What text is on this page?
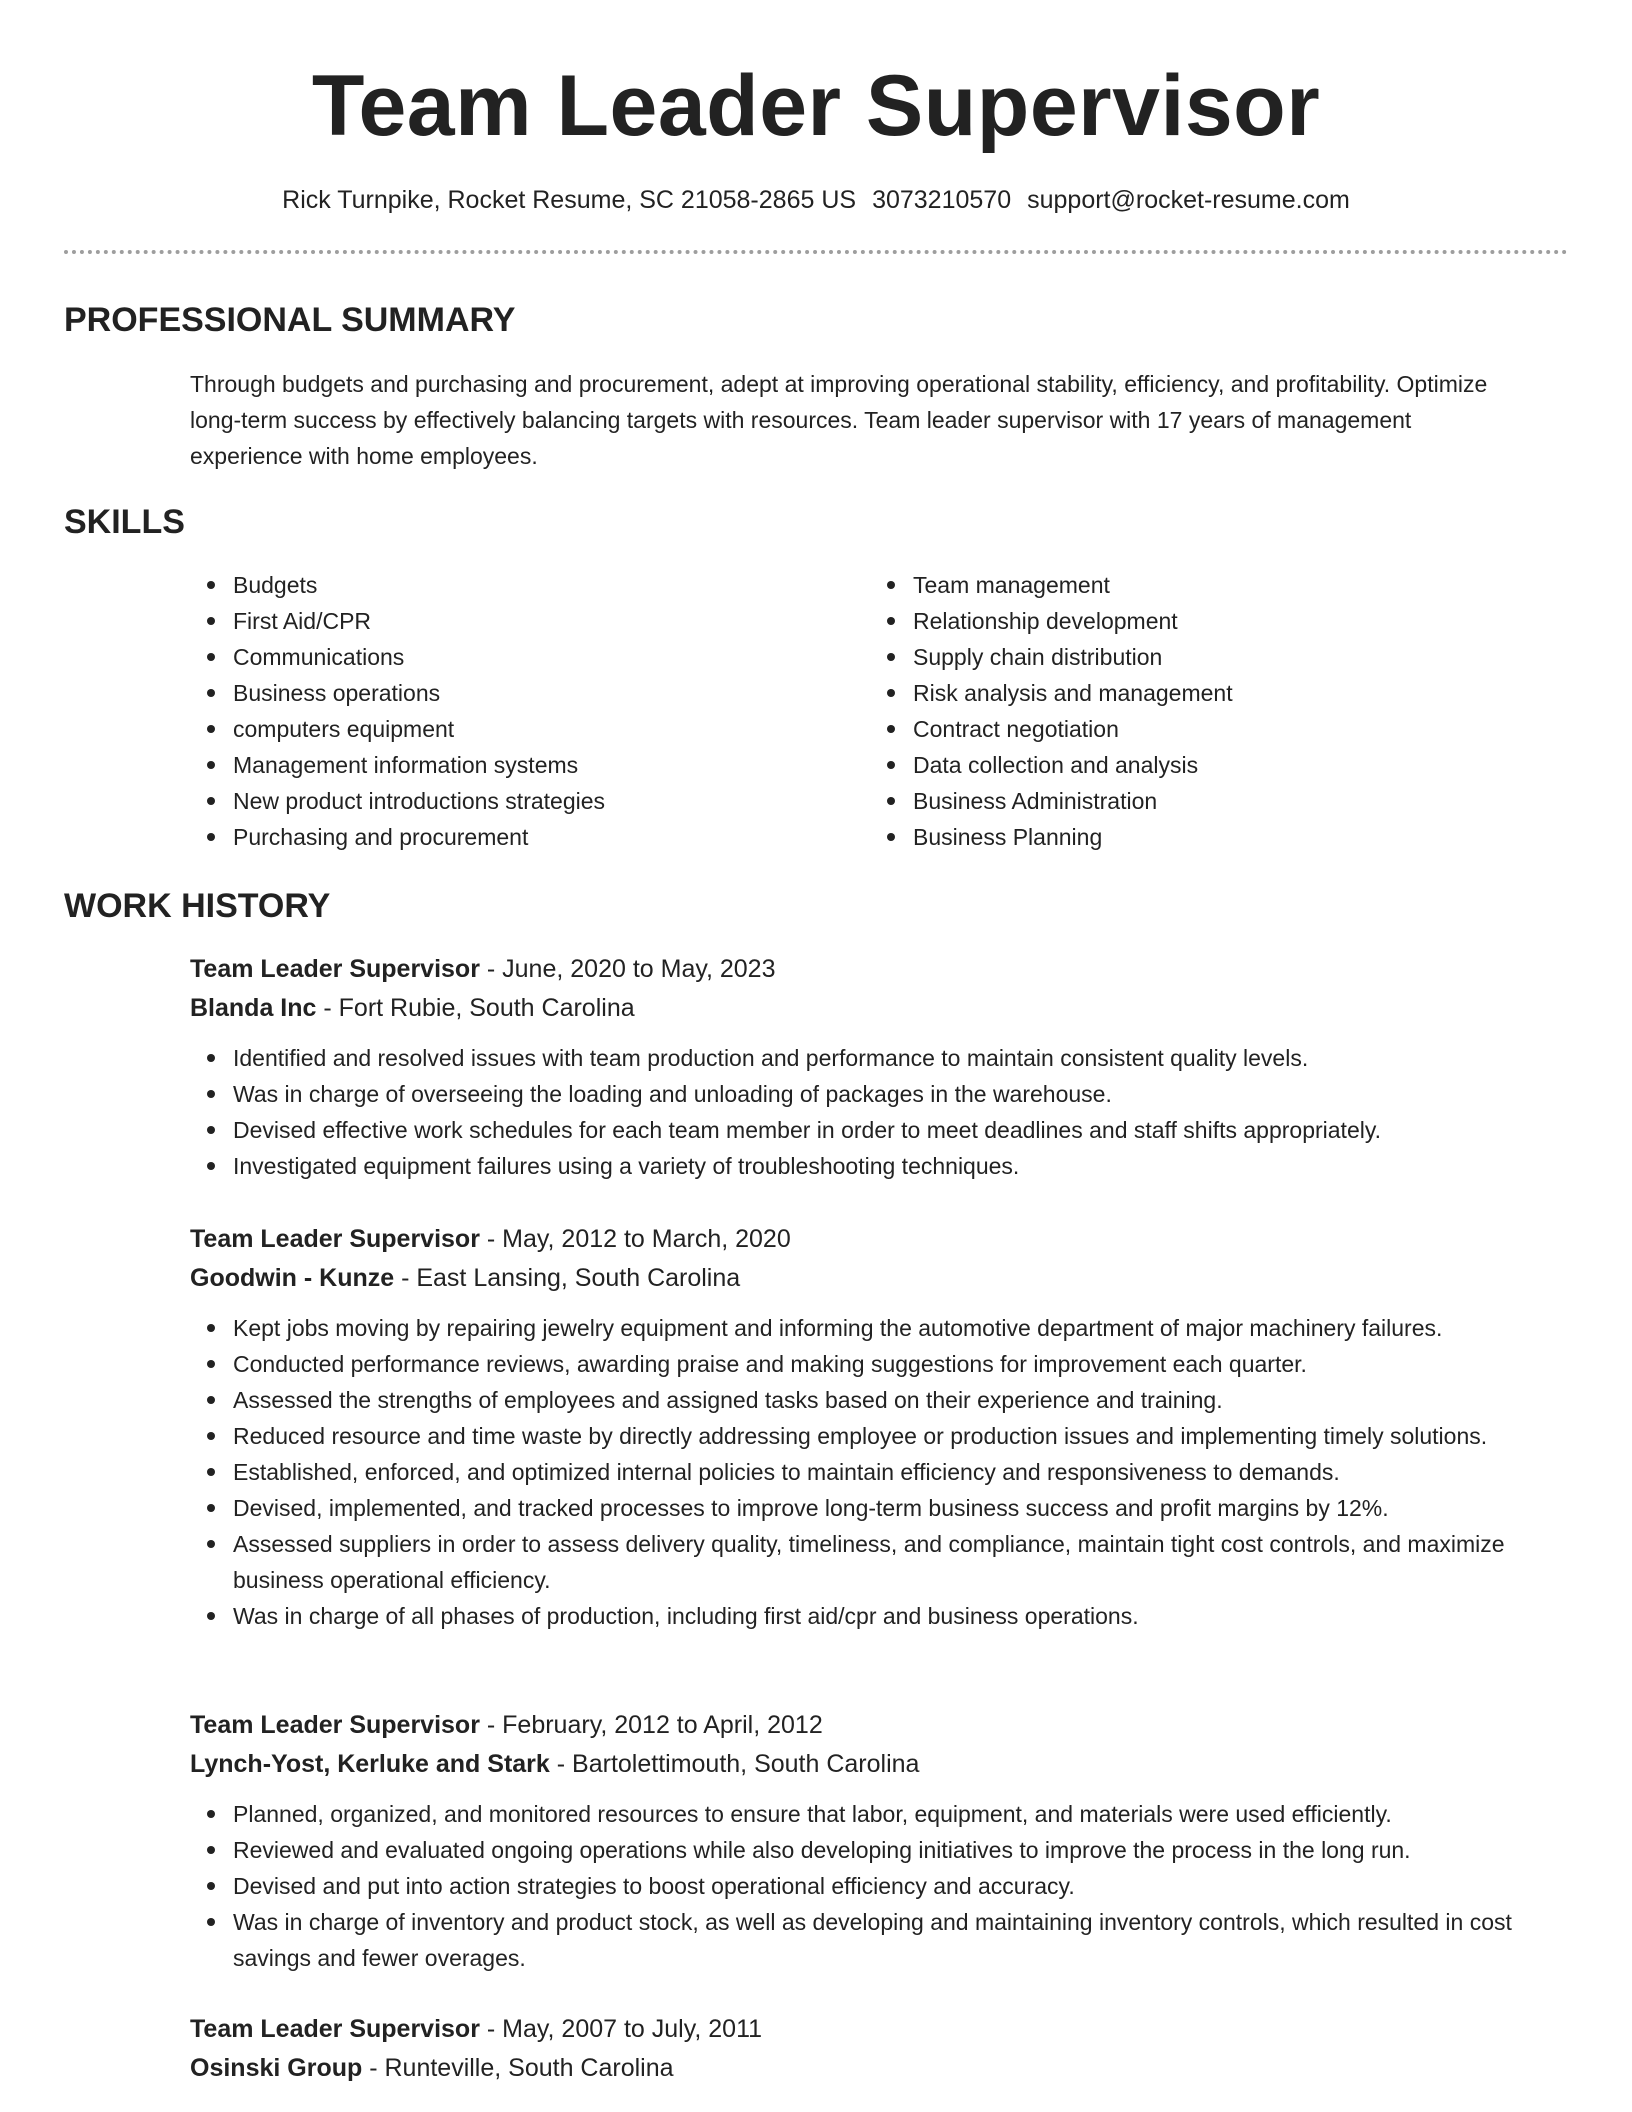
Team Leader Supervisor
Rick Turnpike, Rocket Resume, SC 21058-2865 US 3073210570 support@rocket-resume.com
PROFESSIONAL SUMMARY

Through budgets and purchasing and procurement, adept at improving operational stability, efficiency, and profitability. Optimize long-term success by effectively balancing targets with resources. Team leader supervisor with 17 years of management experience with home employees.

SKILLS
Budgets
First Aid/CPR
Communications
Business operations
computers equipment
Management information systems
New product introductions strategies
Purchasing and procurement
Team management
Relationship development
Supply chain distribution
Risk analysis and management
Contract negotiation
Data collection and analysis
Business Administration
Business Planning
WORK HISTORY
Team Leader Supervisor - June, 2020 to May, 2023
Blanda Inc - Fort Rubie, South Carolina
Identified and resolved issues with team production and performance to maintain consistent quality levels.
Was in charge of overseeing the loading and unloading of packages in the warehouse.
Devised effective work schedules for each team member in order to meet deadlines and staff shifts appropriately.
Investigated equipment failures using a variety of troubleshooting techniques.
Team Leader Supervisor - May, 2012 to March, 2020
Goodwin - Kunze - East Lansing, South Carolina
Kept jobs moving by repairing jewelry equipment and informing the automotive department of major machinery failures.
Conducted performance reviews, awarding praise and making suggestions for improvement each quarter.
Assessed the strengths of employees and assigned tasks based on their experience and training.
Reduced resource and time waste by directly addressing employee or production issues and implementing timely solutions.
Established, enforced, and optimized internal policies to maintain efficiency and responsiveness to demands.
Devised, implemented, and tracked processes to improve long-term business success and profit margins by 12%.
Assessed suppliers in order to assess delivery quality, timeliness, and compliance, maintain tight cost controls, and maximize business operational efficiency.
Was in charge of all phases of production, including first aid/cpr and business operations.
Team Leader Supervisor - February, 2012 to April, 2012
Lynch-Yost, Kerluke and Stark - Bartolettimouth, South Carolina
Planned, organized, and monitored resources to ensure that labor, equipment, and materials were used efficiently.
Reviewed and evaluated ongoing operations while also developing initiatives to improve the process in the long run.
Devised and put into action strategies to boost operational efficiency and accuracy.
Was in charge of inventory and product stock, as well as developing and maintaining inventory controls, which resulted in cost savings and fewer overages.
Team Leader Supervisor - May, 2007 to July, 2011
Osinski Group - Runteville, South Carolina
